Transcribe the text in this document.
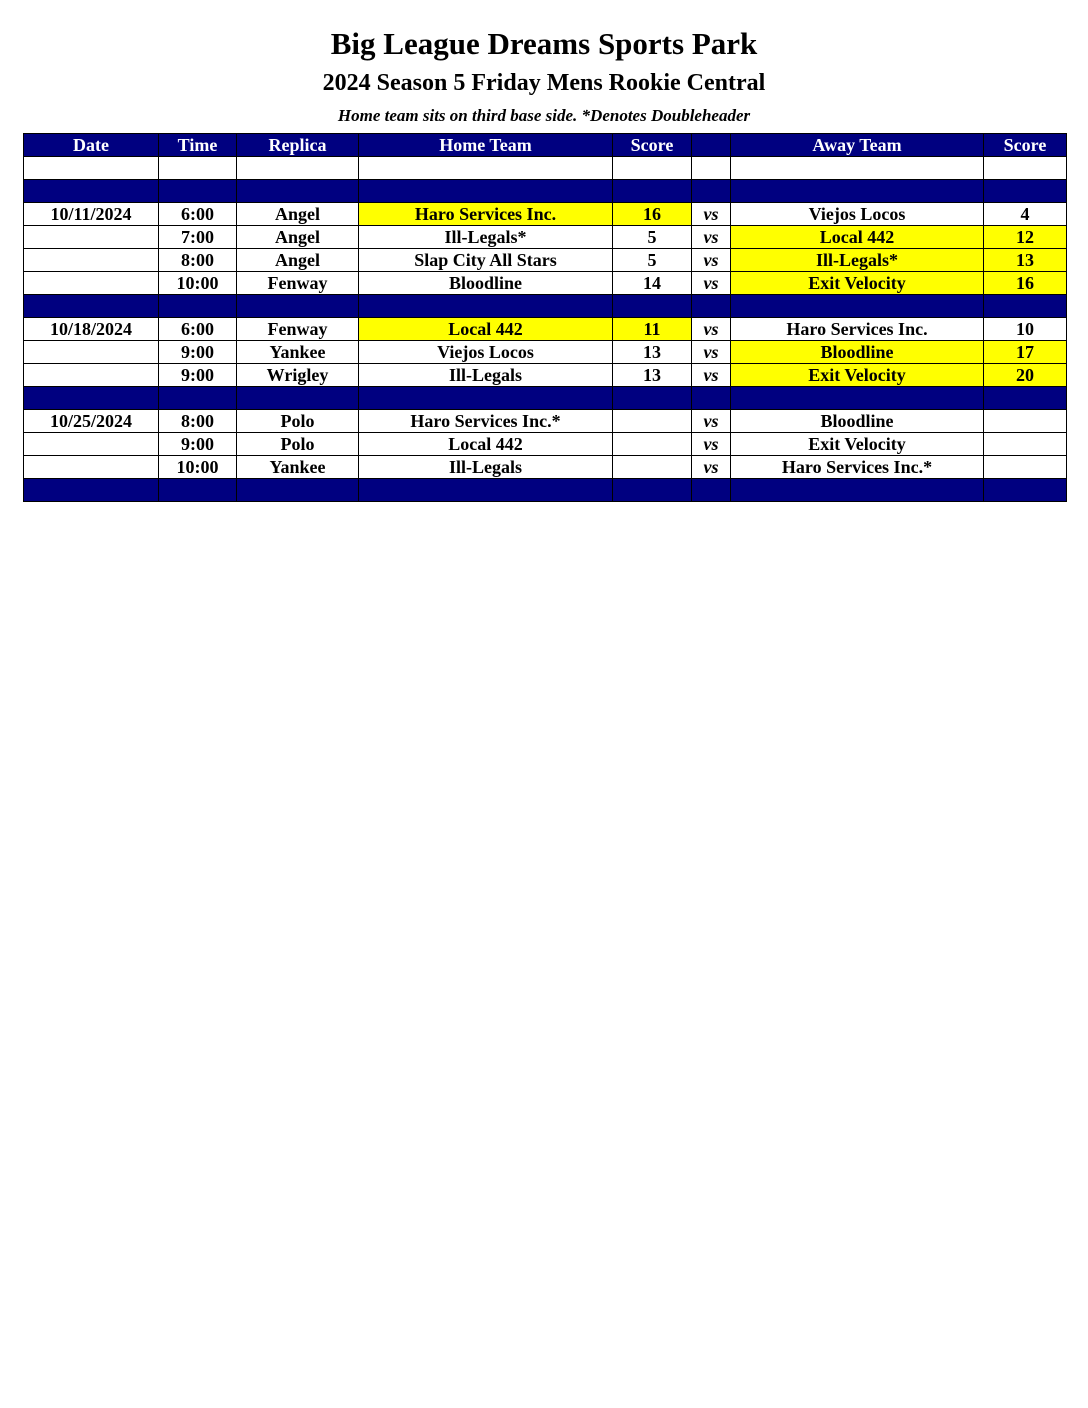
Big League Dreams Sports Park
2024 Season 5 Friday Mens Rookie Central
Home team sits on third base side. *Denotes Doubleheader
Date	Time	Replica	Home Team	Score		Away Team	Score

10/11/2024	6:00	Angel	Haro Services Inc.	16	vs	Viejos Locos	4
	7:00	Angel	Ill-Legals*	5	vs	Local 442	12
	8:00	Angel	Slap City All Stars	5	vs	Ill-Legals*	13
	10:00	Fenway	Bloodline	14	vs	Exit Velocity	16

10/18/2024	6:00	Fenway	Local 442	11	vs	Haro Services Inc.	10
	9:00	Yankee	Viejos Locos	13	vs	Bloodline	17
	9:00	Wrigley	Ill-Legals	13	vs	Exit Velocity	20

10/25/2024	8:00	Polo	Haro Services Inc.*		vs	Bloodline	
	9:00	Polo	Local 442		vs	Exit Velocity	
	10:00	Yankee	Ill-Legals		vs	Haro Services Inc.*	
